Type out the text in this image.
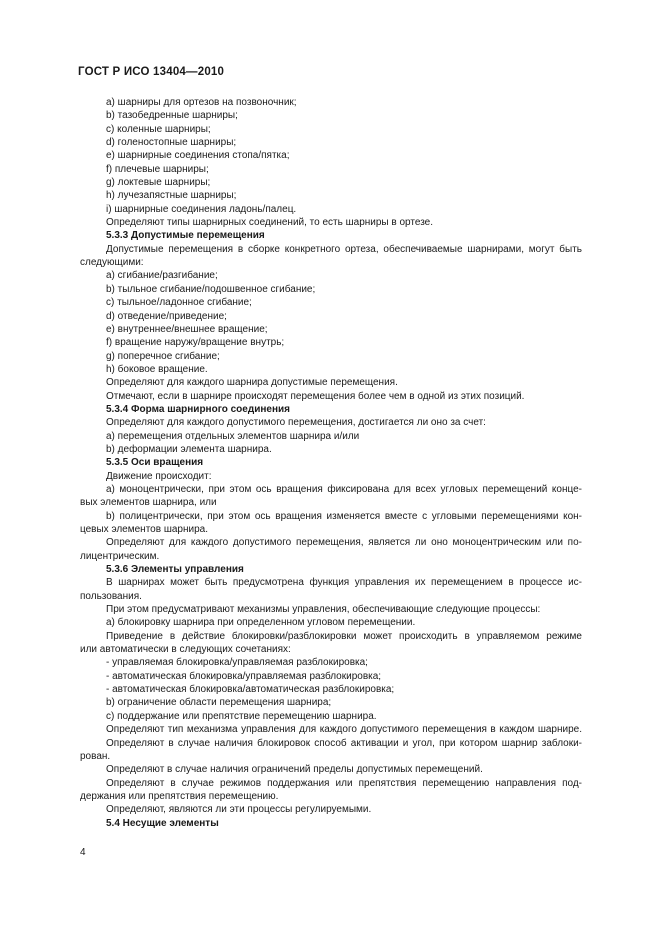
ГОСТ Р ИСО 13404—2010
a) шарниры для ортезов на позвоночник;
b) тазобедренные шарниры;
c) коленные шарниры;
d) голеностопные шарниры;
e) шарнирные соединения стопа/пятка;
f) плечевые шарниры;
g) локтевые шарниры;
h) лучезапястные шарниры;
i) шарнирные соединения ладонь/палец.
Определяют типы шарнирных соединений, то есть шарниры в ортезе.
5.3.3 Допустимые перемещения
Допустимые перемещения в сборке конкретного ортеза, обеспечиваемые шарнирами, могут быть
следующими:
a) сгибание/разгибание;
b) тыльное сгибание/подошвенное сгибание;
c) тыльное/ладонное сгибание;
d) отведение/приведение;
e) внутреннее/внешнее вращение;
f) вращение наружу/вращение внутрь;
g) поперечное сгибание;
h) боковое вращение.
Определяют для каждого шарнира допустимые перемещения.
Отмечают, если в шарнире происходят перемещения более чем в одной из этих позиций.
5.3.4 Форма шарнирного соединения
Определяют для каждого допустимого перемещения, достигается ли оно за счет:
a) перемещения отдельных элементов шарнира и/или
b) деформации элемента шарнира.
5.3.5 Оси вращения
Движение происходит:
a) моноцентрически, при этом ось вращения фиксирована для всех угловых перемещений конце-
вых элементов шарнира, или
b) полицентрически, при этом ось вращения изменяется вместе с угловыми перемещениями кон-
цевых элементов шарнира.
Определяют для каждого допустимого перемещения, является ли оно моноцентрическим или по-
лицентрическим.
5.3.6 Элементы управления
В шарнирах может быть предусмотрена функция управления их перемещением в процессе ис-
пользования.
При этом предусматривают механизмы управления, обеспечивающие следующие процессы:
a) блокировку шарнира при определенном угловом перемещении.
Приведение в действие блокировки/разблокировки может происходить в управляемом режиме
или автоматически в следующих сочетаниях:
- управляемая блокировка/управляемая разблокировка;
- автоматическая блокировка/управляемая разблокировка;
- автоматическая блокировка/автоматическая разблокировка;
b) ограничение области перемещения шарнира;
c) поддержание или препятствие перемещению шарнира.
Определяют тип механизма управления для каждого допустимого перемещения в каждом шарнире.
Определяют в случае наличия блокировок способ активации и угол, при котором шарнир заблоки-
рован.
Определяют в случае наличия ограничений пределы допустимых перемещений.
Определяют в случае режимов поддержания или препятствия перемещению направления под-
держания или препятствия перемещению.
Определяют, являются ли эти процессы регулируемыми.
5.4 Несущие элементы
4
